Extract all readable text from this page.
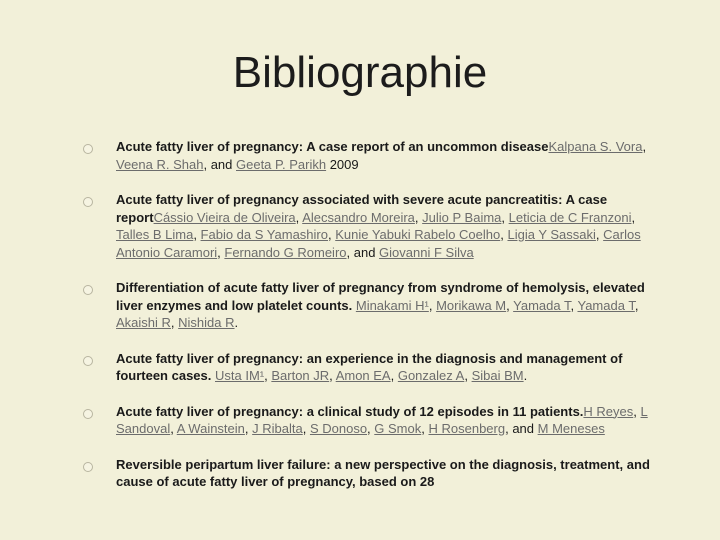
Bibliographie
Acute fatty liver of pregnancy: A case report of an uncommon diseaseKalpana S. Vora, Veena R. Shah, and Geeta P. Parikh 2009
Acute fatty liver of pregnancy associated with severe acute pancreatitis: A case reportCássio Vieira de Oliveira, Alecsandro Moreira, Julio P Baima, Leticia de C Franzoni, Talles B Lima, Fabio da S Yamashiro, Kunie Yabuki Rabelo Coelho, Ligia Y Sassaki, Carlos Antonio Caramori, Fernando G Romeiro, and Giovanni F Silva
Differentiation of acute fatty liver of pregnancy from syndrome of hemolysis, elevated liver enzymes and low platelet counts. Minakami H¹, Morikawa M, Yamada T, Yamada T, Akaishi R, Nishida R.
Acute fatty liver of pregnancy: an experience in the diagnosis and management of fourteen cases. Usta IM¹, Barton JR, Amon EA, Gonzalez A, Sibai BM.
Acute fatty liver of pregnancy: a clinical study of 12 episodes in 11 patients.H Reyes, L Sandoval, A Wainstein, J Ribalta, S Donoso, G Smok, H Rosenberg, and M Meneses
Reversible peripartum liver failure: a new perspective on the diagnosis, treatment, and cause of acute fatty liver of pregnancy, based on 28
